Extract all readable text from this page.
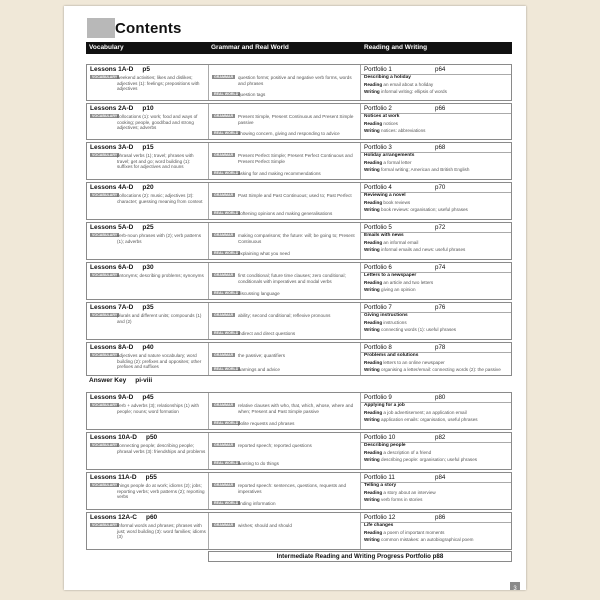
Contents
Vocabulary	Grammar and Real World	Reading and Writing
Lessons 1A-D p5
VOCABULARY weekend activities; likes and dislikes; adjectives (1): feelings; prepositions with adjectives
GRAMMAR	question forms; positive and negative verb forms, words and phrases
REAL WORLD question tags
Portfolio 1	p64
Describing a holiday
Reading an email about a holiday
Writing informal writing: ellipsis of words
Lessons 2A-D p10
VOCABULARY collocations (1): work; food and ways of cooking; people, good/bad and strong adjectives; adverbs
GRAMMAR	Present Simple, Present Continuous and Present Simple passive
REAL WORLD showing concern, giving and responding to advice
Portfolio 2	p66
Notices at work
Reading notices
Writing notices: abbreviations
Lessons 3A-D p15
VOCABULARY phrasal verbs (1); travel; phrases with travel; get and go; word building (1): suffixes for adjectives and nouns
GRAMMAR	Present Perfect Simple; Present Perfect Continuous and Present Perfect Simple
REAL WORLD asking for and making recommendations
Portfolio 3	p68
Holiday arrangements
Reading a formal letter
Writing formal writing; American and British English
Lessons 4A-D p20
VOCABULARY collocations (2): music; adjectives (2): character; guessing meaning from context
GRAMMAR	Past Simple and Past Continuous; used to; Past Perfect
REAL WORLD softening opinions and making generalisations
Portfolio 4	p70
Reviewing a novel
Reading book reviews
Writing book reviews: organisation; useful phrases
Lessons 5A-D p25
VOCABULARY verb-noun phrases with (2); verb patterns (1); adverbs
GRAMMAR	making comparisons; the future: will; be going to; Present Continuous
REAL WORLD explaining what you need
Portfolio 5	p72
Emails with news
Reading an informal email
Writing informal emails and news: useful phrases
Lessons 6A-D p30
VOCABULARY antonyms; describing problems; synonyms	GRAMMAR	first conditional; future time clauses; zero conditional; conditionals with imperatives and modal verbs
REAL WORLD discussing language
Portfolio 6	p74
Letters to a newspaper
Reading an article and two letters
Writing giving an opinion
Lessons 7A-D p35
VOCABULARY plurals and different units; compounds (1) and (2)
GRAMMAR	ability; second conditional; reflexive pronouns
REAL WORLD indirect and direct questions
Portfolio 7	p76
Giving instructions
Reading instructions
Writing connecting words (1): useful phrases
Lessons 8A-D p40
VOCABULARY adjectives and nature vocabulary; word building (2): prefixes and opposites; other prefixes and suffixes
GRAMMAR	the passive; quantifiers
REAL WORLD warnings and advice
Portfolio 8	p78
Problems and solutions
Reading letters to an online newspaper
Writing organising a letter/email: connecting words (2): the passive
Lessons 9A-D p45
VOCABULARY verb + adverbs (3); relationships (1) with people; nouns; word formation
GRAMMAR	relative clauses with who, that, which, whose, where and when; Present and Past Simple passive
REAL WORLD polite requests and phrases
Portfolio 9	p80
Applying for a job
Reading a job advertisement; an application email
Writing application emails: organisation, useful phrases
Lessons 10A-D p50
VOCABULARY connecting people; describing people; phrasal verbs (3): friendships and problems
GRAMMAR	reported speech; reported questions
REAL WORLD wanting to do things
Portfolio 10	p82
Describing people
Reading a description of a friend
Writing describing people: organisation; useful phrases
Lessons 11A-D p55
VOCABULARY things people do at work; idioms (2); jobs; reporting verbs; verb patterns (2); reporting verbs
GRAMMAR	reported speech: sentences, questions, requests and imperatives
REAL WORLD finding information
Portfolio 11	p84
Telling a story
Reading a story about an interview
Writing verb forms in stories
Lessons 12A-C p60
VOCABULARY informal words and phrases; phrases with just; word building (3): word families; idioms (3)
GRAMMAR	wishes; should and should
Portfolio 12	p86
Life changes
Reading a poem of important moments
Writing common mistakes: an autobiographical poem
Answer Key pi-viii
Intermediate Reading and Writing Progress Portfolio p88
3
